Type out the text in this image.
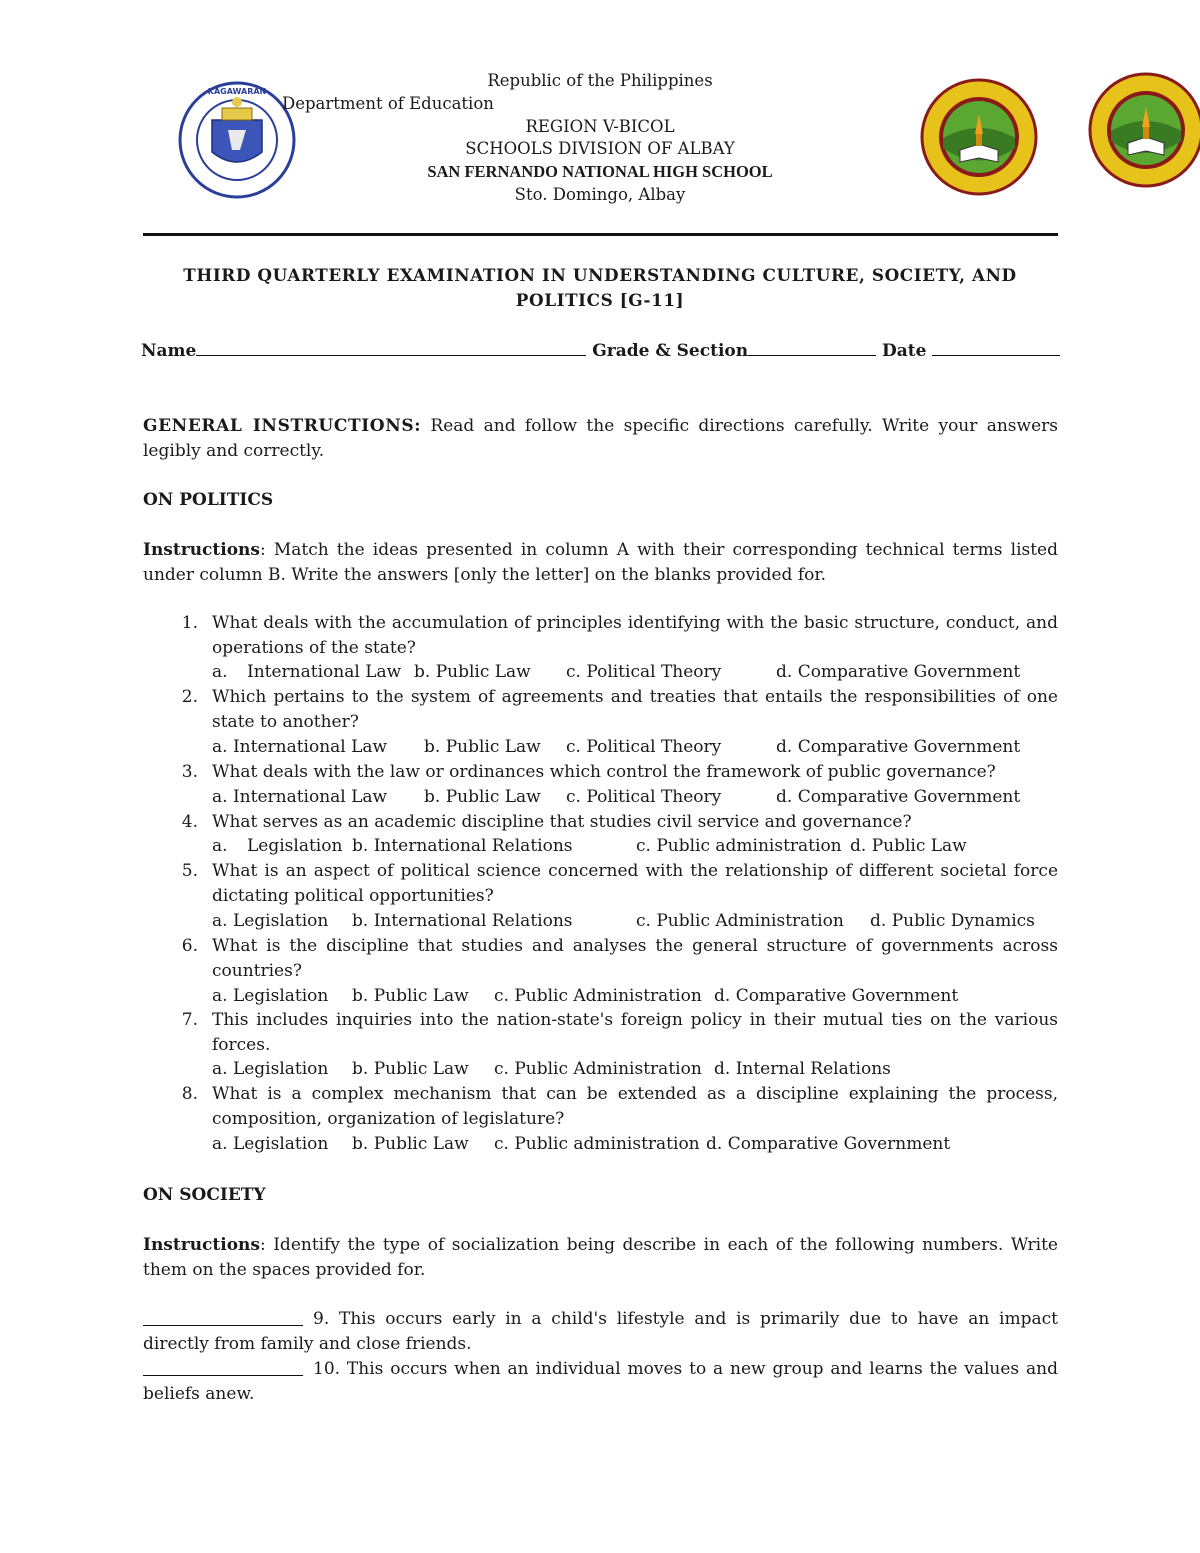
KAGAWARAN
Republic of the Philippines
Department of Education
REGION V-BICOL
SCHOOLS DIVISION OF ALBAY
SAN FERNANDO NATIONAL HIGH SCHOOL
Sto. Domingo, Albay
THIRD QUARTERLY EXAMINATION IN UNDERSTANDING CULTURE, SOCIETY, AND
POLITICS [G-11]
Name	Grade & Section	Date
GENERAL INSTRUCTIONS: Read and follow the specific directions carefully. Write your answers
legibly and correctly.
ON POLITICS
Instructions: Match the ideas presented in column A with their corresponding technical terms listed
under column B. Write the answers [only the letter] on the blanks provided for.
1. What deals with the accumulation of principles identifying with the basic structure, conduct, and
operations of the state?
a. International Law b. Public Law c. Political Theory	d. Comparative Government
2. Which pertains to the system of agreements and treaties that entails the responsibilities of one
state to another?
a. International Law b. Public Law c. Political Theory	d. Comparative Government
3. What deals with the law or ordinances which control the framework of public governance?
a. International Law b. Public Law c. Political Theory	d. Comparative Government
4. What serves as an academic discipline that studies civil service and governance?
a. Legislation b. International Relations	c. Public administration d. Public Law
5. What is an aspect of political science concerned with the relationship of different societal force
dictating political opportunities?
a. Legislation b. International Relations	c. Public Administration d. Public Dynamics
6. What is the discipline that studies and analyses the general structure of governments across
countries?
a. Legislation b. Public Law c. Public Administration d. Comparative Government
7. This includes inquiries into the nation-state's foreign policy in their mutual ties on the various
forces.
a. Legislation b. Public Law c. Public Administration d. Internal Relations
8. What is a complex mechanism that can be extended as a discipline explaining the process,
composition, organization of legislature?
a. Legislation b. Public Law c. Public administration d. Comparative Government
ON SOCIETY
Instructions: Identify the type of socialization being describe in each of the following numbers. Write
them on the spaces provided for.
9. This occurs early in a child's lifestyle and is primarily due to have an impact
directly from family and close friends.
10. This occurs when an individual moves to a new group and learns the values and
beliefs anew.
